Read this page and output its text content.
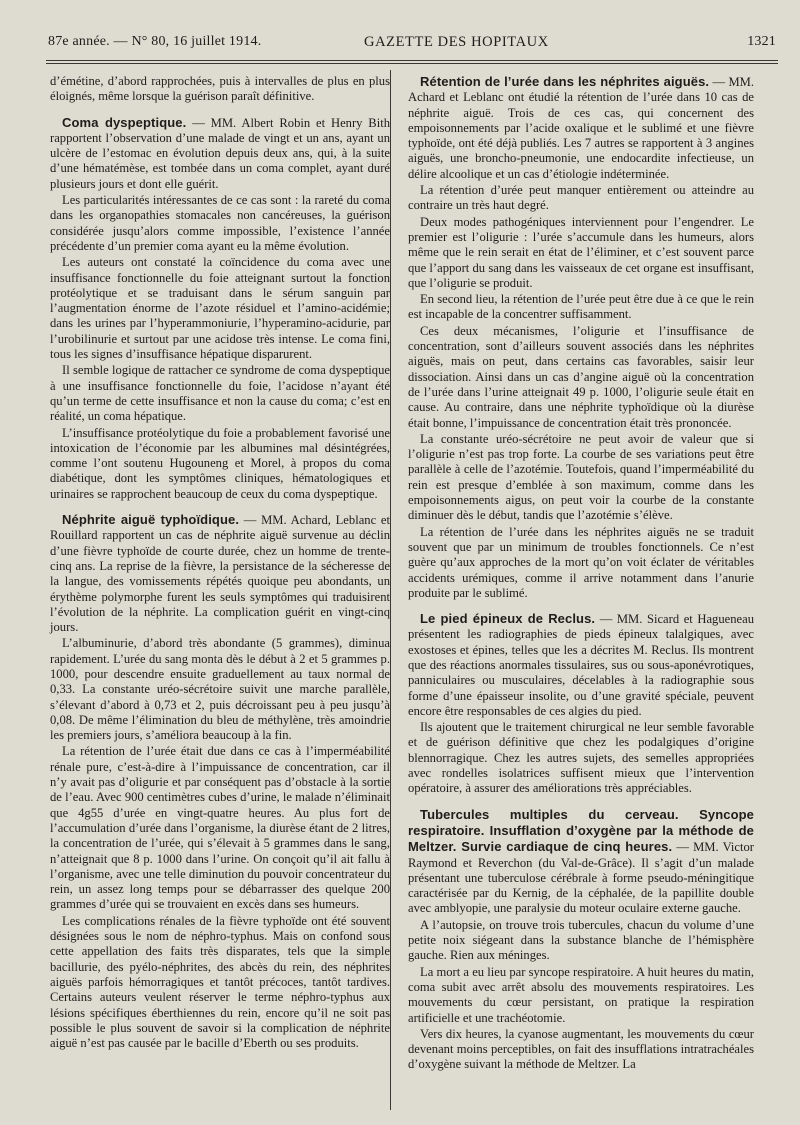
87e année. — N° 80, 16 juillet 1914.	GAZETTE DES HOPITAUX	1321

d’émétine, d’abord rapprochées, puis à intervalles de plus en plus éloignés, même lorsque la guérison paraît définitive.

Coma dyspeptique. — MM. Albert Robin et Henry Bith rapportent l’observation d’une malade de vingt et un ans, ayant un ulcère de l’estomac en évolution depuis deux ans, qui, à la suite d’une hématémèse, est tombée dans un coma complet, ayant duré plusieurs jours et dont elle guérit.

Les particularités intéressantes de ce cas sont : la rareté du coma dans les organopathies stomacales non cancéreuses, la guérison considérée jusqu’alors comme impossible, l’existence l’année précédente d’un premier coma ayant eu la même évolution.

Les auteurs ont constaté la coïncidence du coma avec une insuffisance fonctionnelle du foie atteignant surtout la fonction protéolytique et se traduisant dans le sérum sanguin par l’augmentation énorme de l’azote résiduel et l’amino-acidémie; dans les urines par l’hyperammoniurie, l’hyperamino-acidurie, par l’urobilinurie et surtout par une acidose très intense. Le coma fini, tous les signes d’insuffisance hépatique disparurent.

Il semble logique de rattacher ce syndrome de coma dyspeptique à une insuffisance fonctionnelle du foie, l’acidose n’ayant été qu’un terme de cette insuffisance et non la cause du coma; c’est en réalité, un coma hépatique.

L’insuffisance protéolytique du foie a probablement favorisé une intoxication de l’économie par les albumines mal désintégrées, comme l’ont soutenu Hugouneng et Morel, à propos du coma diabétique, dont les symptômes cliniques, hématologiques et urinaires se rapprochent beaucoup de ceux du coma dyspeptique.

Néphrite aiguë typhoïdique. — MM. Achard, Leblanc et Rouillard rapportent un cas de néphrite aiguë survenue au déclin d’une fièvre typhoïde de courte durée, chez un homme de trente-cinq ans. La reprise de la fièvre, la persistance de la sécheresse de la langue, des vomissements répétés quoique peu abondants, un érythème polymorphe furent les seuls symptômes qui traduisirent l’évolution de la néphrite. La complication guérit en vingt-cinq jours.

L’albuminurie, d’abord très abondante (5 grammes), diminua rapidement. L’urée du sang monta dès le début à 2 et 5 grammes p. 1000, pour descendre ensuite graduellement au taux normal de 0,33. La constante uréo-sécrétoire suivit une marche parallèle, s’élevant d’abord à 0,73 et 2, puis décroissant peu à peu jusqu’à 0,08. De même l’élimination du bleu de méthylène, très amoindrie les premiers jours, s’améliora beaucoup à la fin.

La rétention de l’urée était due dans ce cas à l’imperméabilité rénale pure, c’est-à-dire à l’impuissance de concentration, car il n’y avait pas d’oligurie et par conséquent pas d’obstacle à la sortie de l’eau. Avec 900 centimètres cubes d’urine, le malade n’éliminait que 4g55 d’urée en vingt-quatre heures. Au plus fort de l’accumulation d’urée dans l’organisme, la diurèse étant de 2 litres, la concentration de l’urée, qui s’élevait à 5 grammes dans le sang, n’atteignait que 8 p. 1000 dans l’urine. On conçoit qu’il ait fallu à l’organisme, avec une telle diminution du pouvoir concentrateur du rein, un assez long temps pour se débarrasser des quelque 200 grammes d’urée qui se trouvaient en excès dans ses humeurs.

Les complications rénales de la fièvre typhoïde ont été souvent désignées sous le nom de néphro-typhus. Mais on confond sous cette appellation des faits très disparates, tels que la simple bacillurie, des pyélo-néphrites, des abcès du rein, des néphrites aiguës parfois hémorragiques et tantôt précoces, tantôt tardives. Certains auteurs veulent réserver le terme néphro-typhus aux lésions spécifiques éberthiennes du rein, encore qu’il ne soit pas possible le plus souvent de savoir si la complication de néphrite aiguë n’est pas causée par le bacille d’Eberth ou ses produits.

Rétention de l’urée dans les néphrites aiguës. — MM. Achard et Leblanc ont étudié la rétention de l’urée dans 10 cas de néphrite aiguë. Trois de ces cas, qui concernent des empoisonnements par l’acide oxalique et le sublimé et une fièvre typhoïde, ont été déjà publiés. Les 7 autres se rapportent à 3 angines aiguës, une broncho-pneumonie, une endocardite infectieuse, un délire alcoolique et un cas d’étiologie indéterminée.

La rétention d’urée peut manquer entièrement ou atteindre au contraire un très haut degré.

Deux modes pathogéniques interviennent pour l’engendrer. Le premier est l’oligurie : l’urée s’accumule dans les humeurs, alors même que le rein serait en état de l’éliminer, et c’est souvent parce que l’apport du sang dans les vaisseaux de cet organe est insuffisant, que l’oligurie se produit.

En second lieu, la rétention de l’urée peut être due à ce que le rein est incapable de la concentrer suffisamment.

Ces deux mécanismes, l’oligurie et l’insuffisance de concentration, sont d’ailleurs souvent associés dans les néphrites aiguës, mais on peut, dans certains cas favorables, saisir leur dissociation. Ainsi dans un cas d’angine aiguë où la concentration de l’urée dans l’urine atteignait 49 p. 1000, l’oligurie seule était en cause. Au contraire, dans une néphrite typhoïdique où la diurèse était bonne, l’impuissance de concentration était très prononcée.

La constante uréo-sécrétoire ne peut avoir de valeur que si l’oligurie n’est pas trop forte. La courbe de ses variations peut être parallèle à celle de l’azotémie. Toutefois, quand l’imperméabilité du rein est presque d’emblée à son maximum, comme dans les empoisonnements aigus, on peut voir la courbe de la constante diminuer dès le début, tandis que l’azotémie s’élève.

La rétention de l’urée dans les néphrites aiguës ne se traduit souvent que par un minimum de troubles fonctionnels. Ce n’est guère qu’aux approches de la mort qu’on voit éclater de véritables accidents urémiques, comme il arrive notamment dans l’anurie produite par le sublimé.

Le pied épineux de Reclus. — MM. Sicard et Hagueneau présentent les radiographies de pieds épineux talalgiques, avec exostoses et épines, telles que les a décrites M. Reclus. Ils montrent que des réactions anormales tissulaires, sus ou sous-aponévrotiques, panniculaires ou musculaires, décelables à la radiographie sous forme d’une épaisseur insolite, ou d’une gravité spéciale, peuvent encore être responsables de ces algies du pied.

Ils ajoutent que le traitement chirurgical ne leur semble favorable et de guérison définitive que chez les podalgiques d’origine blennorragique. Chez les autres sujets, des semelles appropriées avec rondelles isolatrices suffisent mieux que l’intervention opératoire, à assurer des améliorations très appréciables.

Tubercules multiples du cerveau. Syncope respiratoire. Insufflation d’oxygène par la méthode de Meltzer. Survie cardiaque de cinq heures. — MM. Victor Raymond et Reverchon (du Val-de-Grâce). Il s’agit d’un malade présentant une tuberculose cérébrale à forme pseudo-méningitique caractérisée par du Kernig, de la céphalée, de la papillite double avec amblyopie, une paralysie du moteur oculaire externe gauche.

A l’autopsie, on trouve trois tubercules, chacun du volume d’une petite noix siégeant dans la substance blanche de l’hémisphère gauche. Rien aux méninges.

La mort a eu lieu par syncope respiratoire. A huit heures du matin, coma subit avec arrêt absolu des mouvements respiratoires. Les mouvements du cœur persistant, on pratique la respiration artificielle et une trachéotomie.

Vers dix heures, la cyanose augmentant, les mouvements du cœur devenant moins perceptibles, on fait des insufflations intratrachéales d’oxygène suivant la méthode de Meltzer. La
